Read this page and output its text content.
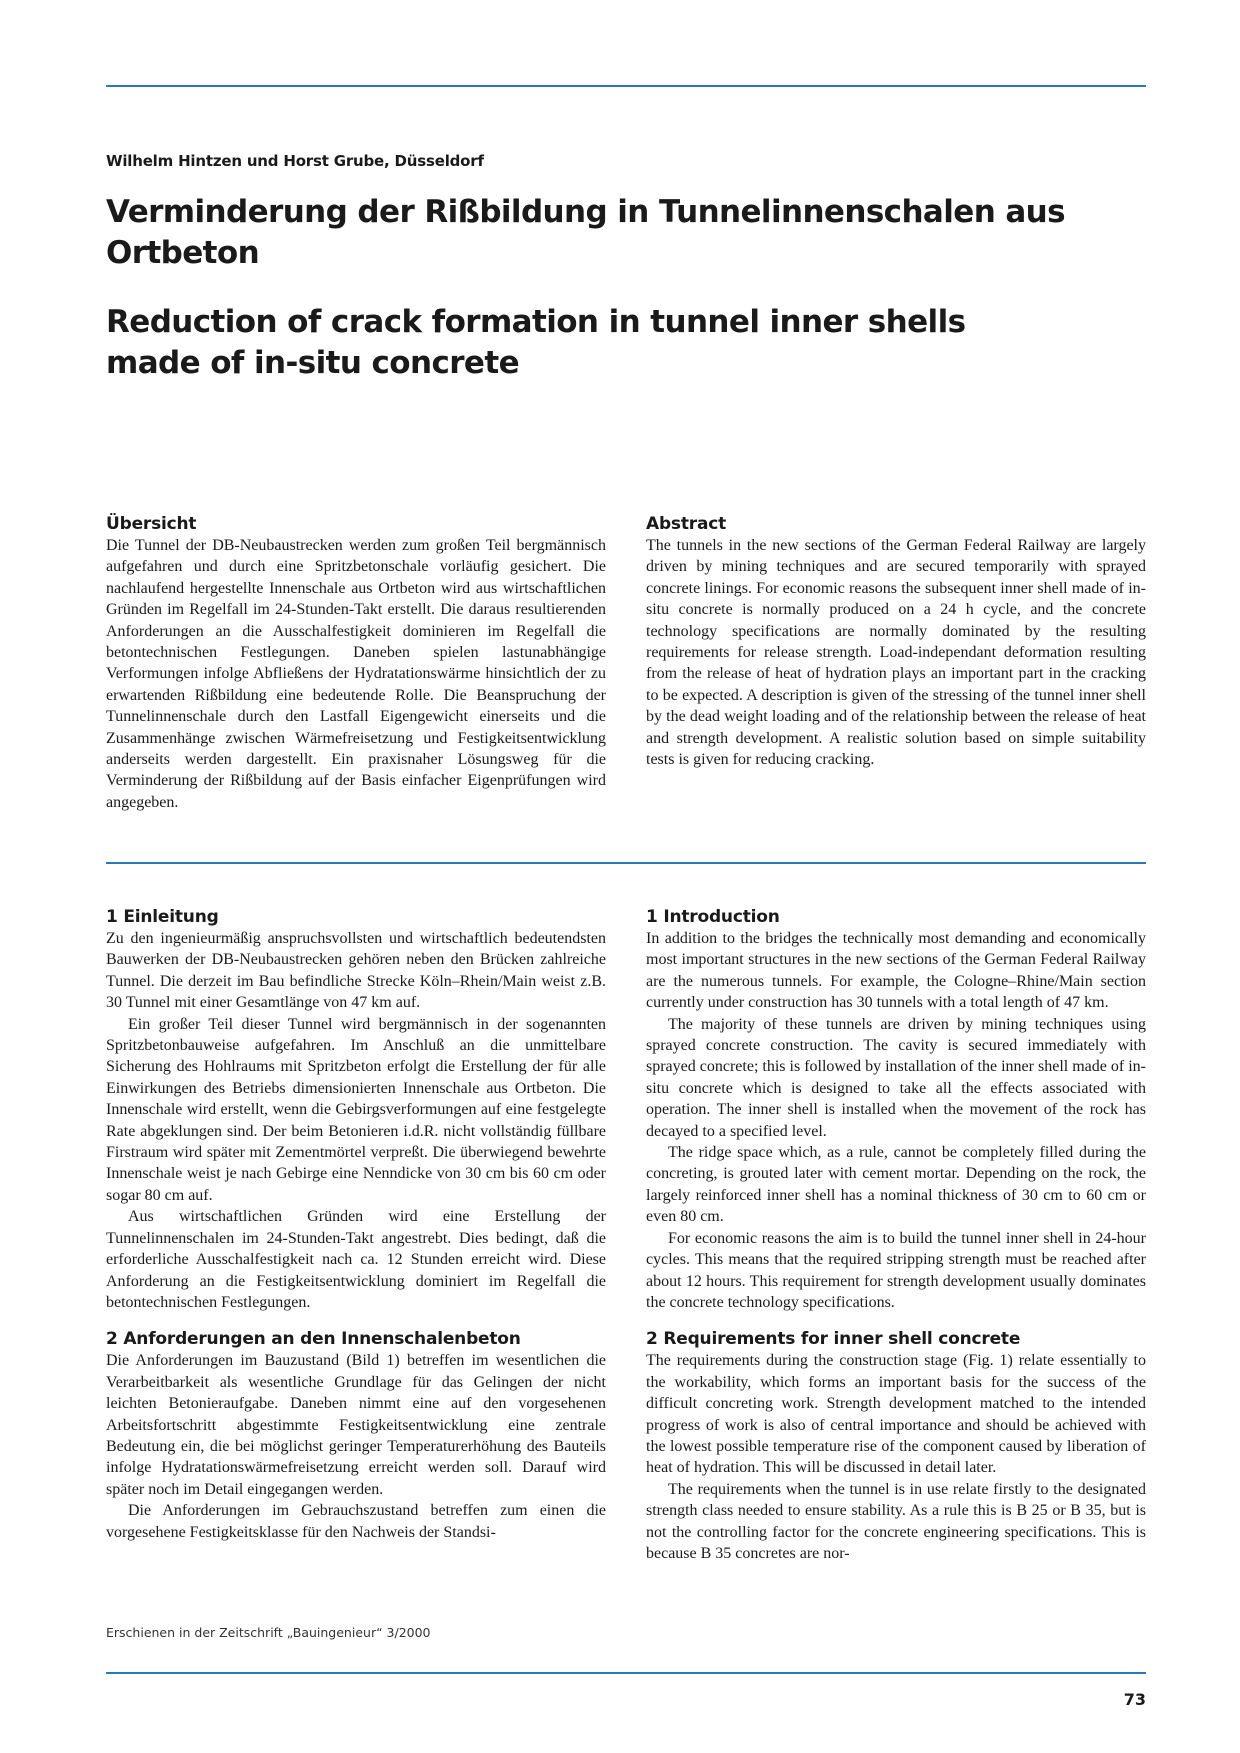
Wilhelm Hintzen und Horst Grube, Düsseldorf
Verminderung der Rißbildung in Tunnelinnenschalen aus Ortbeton
Reduction of crack formation in tunnel inner shells made of in-situ concrete
Übersicht

Die Tunnel der DB-Neubaustrecken werden zum großen Teil bergmännisch aufgefahren und durch eine Spritzbetonschale vorläufig gesichert. Die nachlaufend hergestellte Innenschale aus Ortbeton wird aus wirtschaftlichen Gründen im Regelfall im 24-Stunden-Takt erstellt. Die daraus resultierenden Anforderungen an die Ausschalfestigkeit dominieren im Regelfall die betontechnischen Festlegungen. Daneben spielen lastunabhängige Verformungen infolge Abfließens der Hydratationswärme hinsichtlich der zu erwartenden Rißbildung eine bedeutende Rolle. Die Beanspruchung der Tunnelinnenschale durch den Lastfall Eigengewicht einerseits und die Zusammenhänge zwischen Wärmefreisetzung und Festigkeitsentwicklung anderseits werden dargestellt. Ein praxisnaher Lösungsweg für die Verminderung der Rißbildung auf der Basis einfacher Eigenprüfungen wird angegeben.

Abstract

The tunnels in the new sections of the German Federal Railway are largely driven by mining techniques and are secured temporarily with sprayed concrete linings. For economic reasons the subsequent inner shell made of in-situ concrete is normally produced on a 24 h cycle, and the concrete technology specifications are normally dominated by the resulting requirements for release strength. Load-independant deformation resulting from the release of heat of hydration plays an important part in the cracking to be expected. A description is given of the stressing of the tunnel inner shell by the dead weight loading and of the relationship between the release of heat and strength development. A realistic solution based on simple suitability tests is given for reducing cracking.

1 Einleitung

Zu den ingenieurmäßig anspruchsvollsten und wirtschaftlich bedeutendsten Bauwerken der DB-Neubaustrecken gehören neben den Brücken zahlreiche Tunnel. Die derzeit im Bau befindliche Strecke Köln–Rhein/Main weist z.B. 30 Tunnel mit einer Gesamtlänge von 47 km auf.

Ein großer Teil dieser Tunnel wird bergmännisch in der sogenannten Spritzbetonbauweise aufgefahren. Im Anschluß an die unmittelbare Sicherung des Hohlraums mit Spritzbeton erfolgt die Erstellung der für alle Einwirkungen des Betriebs dimensionierten Innenschale aus Ortbeton. Die Innenschale wird erstellt, wenn die Gebirgsverformungen auf eine festgelegte Rate abgeklungen sind. Der beim Betonieren i.d.R. nicht vollständig füllbare Firstraum wird später mit Zementmörtel verpreßt. Die überwiegend bewehrte Innenschale weist je nach Gebirge eine Nenndicke von 30 cm bis 60 cm oder sogar 80 cm auf.

Aus wirtschaftlichen Gründen wird eine Erstellung der Tunnelinnenschalen im 24-Stunden-Takt angestrebt. Dies bedingt, daß die erforderliche Ausschalfestigkeit nach ca. 12 Stunden erreicht wird. Diese Anforderung an die Festigkeitsentwicklung dominiert im Regelfall die betontechnischen Festlegungen.

2 Anforderungen an den Innenschalenbeton

Die Anforderungen im Bauzustand (Bild 1) betreffen im wesentlichen die Verarbeitbarkeit als wesentliche Grundlage für das Gelingen der nicht leichten Betonieraufgabe. Daneben nimmt eine auf den vorgesehenen Arbeitsfortschritt abgestimmte Festigkeitsentwicklung eine zentrale Bedeutung ein, die bei möglichst geringer Temperaturerhöhung des Bauteils infolge Hydratationswärmefreisetzung erreicht werden soll. Darauf wird später noch im Detail eingegangen werden.

Die Anforderungen im Gebrauchszustand betreffen zum einen die vorgesehene Festigkeitsklasse für den Nachweis der Standsi-

1 Introduction

In addition to the bridges the technically most demanding and economically most important structures in the new sections of the German Federal Railway are the numerous tunnels. For example, the Cologne–Rhine/Main section currently under construction has 30 tunnels with a total length of 47 km.

The majority of these tunnels are driven by mining techniques using sprayed concrete construction. The cavity is secured immediately with sprayed concrete; this is followed by installation of the inner shell made of in-situ concrete which is designed to take all the effects associated with operation. The inner shell is installed when the movement of the rock has decayed to a specified level.

The ridge space which, as a rule, cannot be completely filled during the concreting, is grouted later with cement mortar. Depending on the rock, the largely reinforced inner shell has a nominal thickness of 30 cm to 60 cm or even 80 cm.

For economic reasons the aim is to build the tunnel inner shell in 24-hour cycles. This means that the required stripping strength must be reached after about 12 hours. This requirement for strength development usually dominates the concrete technology specifications.

2 Requirements for inner shell concrete

The requirements during the construction stage (Fig. 1) relate essentially to the workability, which forms an important basis for the success of the difficult concreting work. Strength development matched to the intended progress of work is also of central importance and should be achieved with the lowest possible temperature rise of the component caused by liberation of heat of hydration. This will be discussed in detail later.

The requirements when the tunnel is in use relate firstly to the designated strength class needed to ensure stability. As a rule this is B 25 or B 35, but is not the controlling factor for the concrete engineering specifications. This is because B 35 concretes are nor-

Erschienen in der Zeitschrift „Bauingenieur“ 3/2000
73
